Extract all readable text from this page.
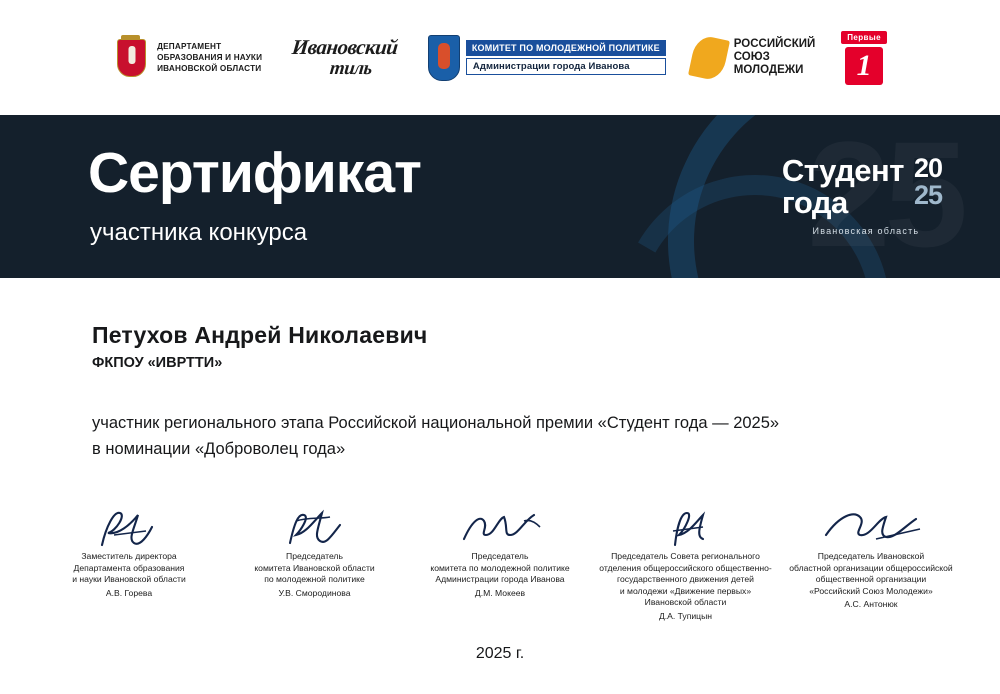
ДЕПАРТАМЕНТ
ОБРАЗОВАНИЯ И НАУКИ
ИВАНОВСКОЙ ОБЛАСТИ
Ивановский
тиль
КОМИТЕТ ПО МОЛОДЕЖНОЙ ПОЛИТИКЕ
Администрации города Иванова
РОССИЙСКИЙ
СОЮЗ
МОЛОДЕЖИ
Первые
1
Сертификат
участника конкурса
Студент
года
20
25
Ивановская область
Петухов Андрей Николаевич
ФКПОУ «ИВРТТИ»
участник регионального этапа Российской национальной премии «Студент года — 2025»
в номинации «Доброволец года»
Заместитель директора
Департамента образования
и науки Ивановской области
А.В. Горева
Председатель
комитета Ивановской области
по молодежной политике
У.В. Смородинова
Председатель
комитета по молодежной политике
Администрации города Иванова
Д.М. Мокеев
Председатель Совета регионального
отделения общероссийского общественно-
государственного движения детей
и молодежи «Движение первых»
Ивановской области
Д.А. Тупицын
Председатель Ивановской
областной организации общероссийской
общественной организации
«Российский Союз Молодежи»
А.С. Антонюк
2025 г.
